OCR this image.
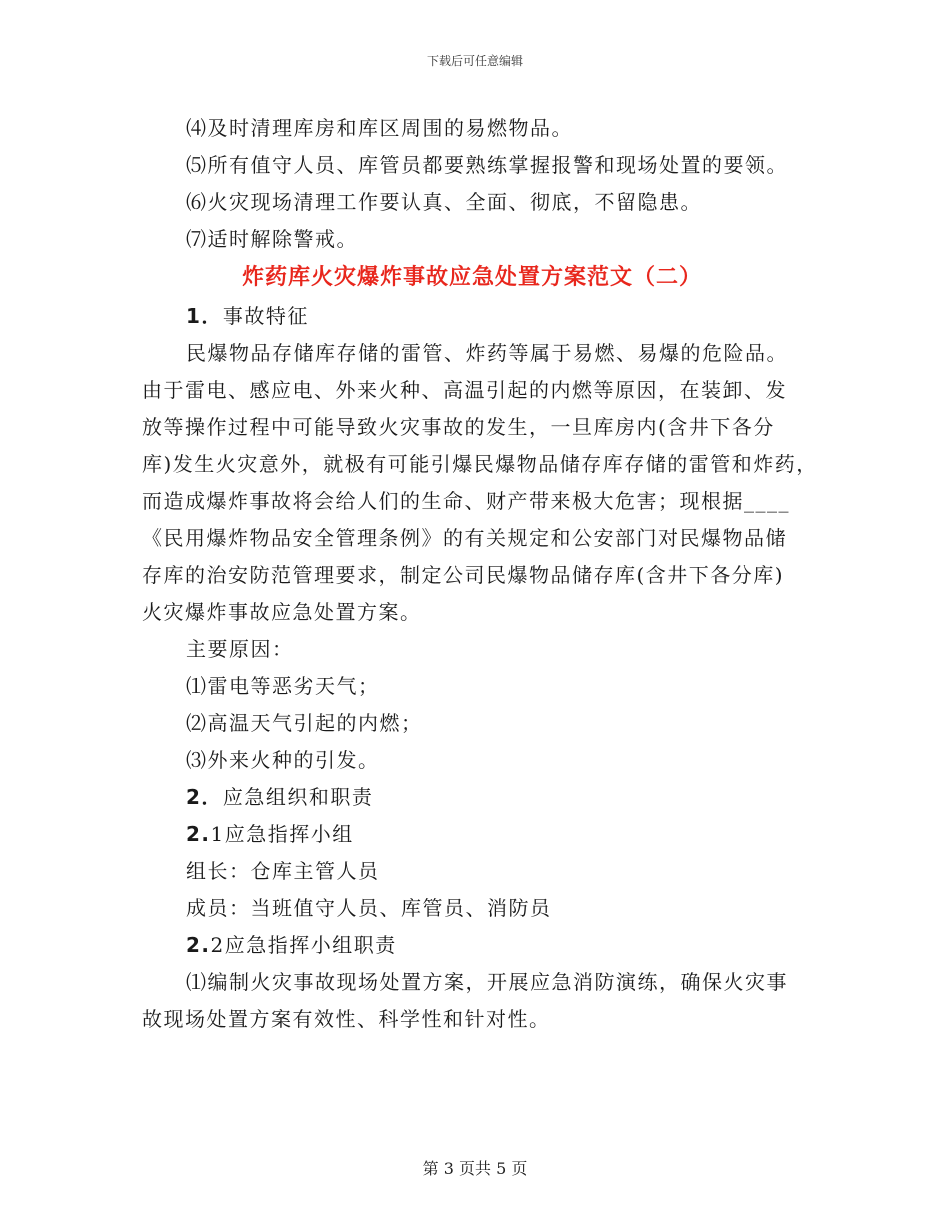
下载后可任意编辑
⑷及时清理库房和库区周围的易燃物品。
⑸所有值守人员、库管员都要熟练掌握报警和现场处置的要领。
⑹火灾现场清理工作要认真、全面、彻底，不留隐患。
⑺适时解除警戒。
炸药库火灾爆炸事故应急处置方案范文（二）
1．事故特征
民爆物品存储库存储的雷管、炸药等属于易燃、易爆的危险品。
由于雷电、感应电、外来火种、高温引起的内燃等原因，在装卸、发
放等操作过程中可能导致火灾事故的发生，一旦库房内(含井下各分
库)发生火灾意外，就极有可能引爆民爆物品储存库存储的雷管和炸药，
而造成爆炸事故将会给人们的生命、财产带来极大危害；现根据____
《民用爆炸物品安全管理条例》的有关规定和公安部门对民爆物品储
存库的治安防范管理要求，制定公司民爆物品储存库(含井下各分库)
火灾爆炸事故应急处置方案。
主要原因：
⑴雷电等恶劣天气；
⑵高温天气引起的内燃；
⑶外来火种的引发。
2．应急组织和职责
2.1应急指挥小组
组长：仓库主管人员
成员：当班值守人员、库管员、消防员
2.2应急指挥小组职责
⑴编制火灾事故现场处置方案，开展应急消防演练，确保火灾事
故现场处置方案有效性、科学性和针对性。
第 3 页共 5 页
